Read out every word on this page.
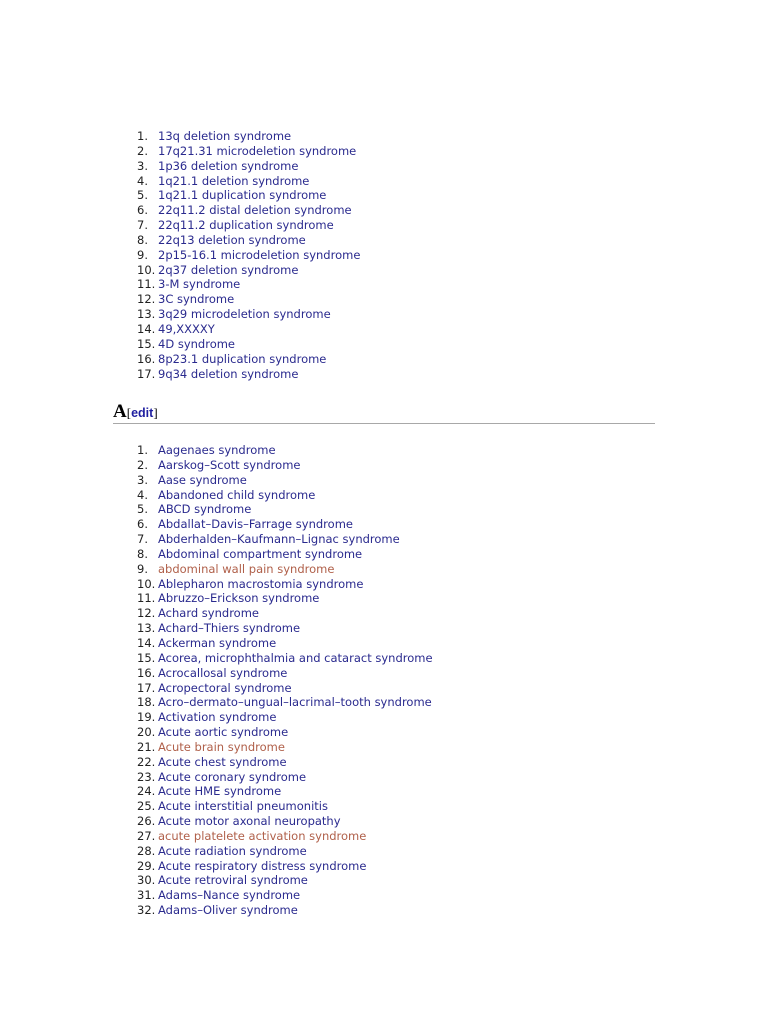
1. 13q deletion syndrome
2. 17q21.31 microdeletion syndrome
3. 1p36 deletion syndrome
4. 1q21.1 deletion syndrome
5. 1q21.1 duplication syndrome
6. 22q11.2 distal deletion syndrome
7. 22q11.2 duplication syndrome
8. 22q13 deletion syndrome
9. 2p15-16.1 microdeletion syndrome
10. 2q37 deletion syndrome
11. 3-M syndrome
12. 3C syndrome
13. 3q29 microdeletion syndrome
14. 49,XXXXY
15. 4D syndrome
16. 8p23.1 duplication syndrome
17. 9q34 deletion syndrome
A[edit]
1. Aagenaes syndrome
2. Aarskog–Scott syndrome
3. Aase syndrome
4. Abandoned child syndrome
5. ABCD syndrome
6. Abdallat–Davis–Farrage syndrome
7. Abderhalden–Kaufmann–Lignac syndrome
8. Abdominal compartment syndrome
9. abdominal wall pain syndrome
10. Ablepharon macrostomia syndrome
11. Abruzzo–Erickson syndrome
12. Achard syndrome
13. Achard–Thiers syndrome
14. Ackerman syndrome
15. Acorea, microphthalmia and cataract syndrome
16. Acrocallosal syndrome
17. Acropectoral syndrome
18. Acro–dermato–ungual–lacrimal–tooth syndrome
19. Activation syndrome
20. Acute aortic syndrome
21. Acute brain syndrome
22. Acute chest syndrome
23. Acute coronary syndrome
24. Acute HME syndrome
25. Acute interstitial pneumonitis
26. Acute motor axonal neuropathy
27. acute platelete activation syndrome
28. Acute radiation syndrome
29. Acute respiratory distress syndrome
30. Acute retroviral syndrome
31. Adams–Nance syndrome
32. Adams–Oliver syndrome
